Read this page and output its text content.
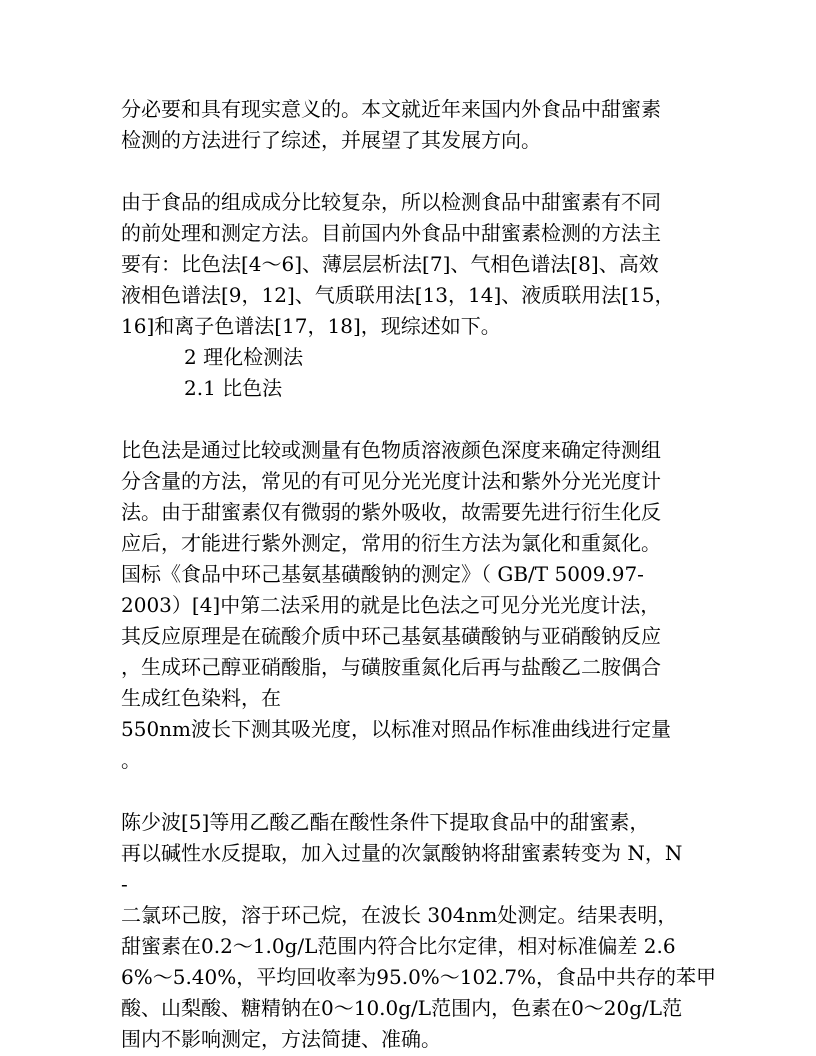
分必要和具有现实意义的。本文就近年来国内外食品中甜蜜素
检测的方法进行了综述，并展望了其发展方向。
由于食品的组成成分比较复杂，所以检测食品中甜蜜素有不同
的前处理和测定方法。目前国内外食品中甜蜜素检测的方法主
要有：比色法[4～6]、薄层层析法[7]、气相色谱法[8]、高效
液相色谱法[9，12]、气质联用法[13，14]、液质联用法[15，
16]和离子色谱法[17，18]，现综述如下。
2 理化检测法
2.1 比色法
比色法是通过比较或测量有色物质溶液颜色深度来确定待测组
分含量的方法，常见的有可见分光光度计法和紫外分光光度计
法。由于甜蜜素仅有微弱的紫外吸收，故需要先进行衍生化反
应后，才能进行紫外测定，常用的衍生方法为氯化和重氮化。
国标《食品中环己基氨基磺酸钠的测定》（ GB/T 5009.97-
2003）[4]中第二法采用的就是比色法之可见分光光度计法，
其反应原理是在硫酸介质中环己基氨基磺酸钠与亚硝酸钠反应
，生成环己醇亚硝酸脂，与磺胺重氮化后再与盐酸乙二胺偶合
生成红色染料，在
550nm波长下测其吸光度，以标准对照品作标准曲线进行定量
。
陈少波[5]等用乙酸乙酯在酸性条件下提取食品中的甜蜜素，
再以碱性水反提取，加入过量的次氯酸钠将甜蜜素转变为 N，N
-
二氯环己胺，溶于环己烷，在波长 304nm处测定。结果表明，
甜蜜素在0.2～1.0g/L范围内符合比尔定律，相对标准偏差 2.6
6%～5.40%，平均回收率为95.0%～102.7%，食品中共存的苯甲
酸、山梨酸、糖精钠在0～10.0g/L范围内，色素在0～20g/L范
围内不影响测定，方法简捷、准确。
